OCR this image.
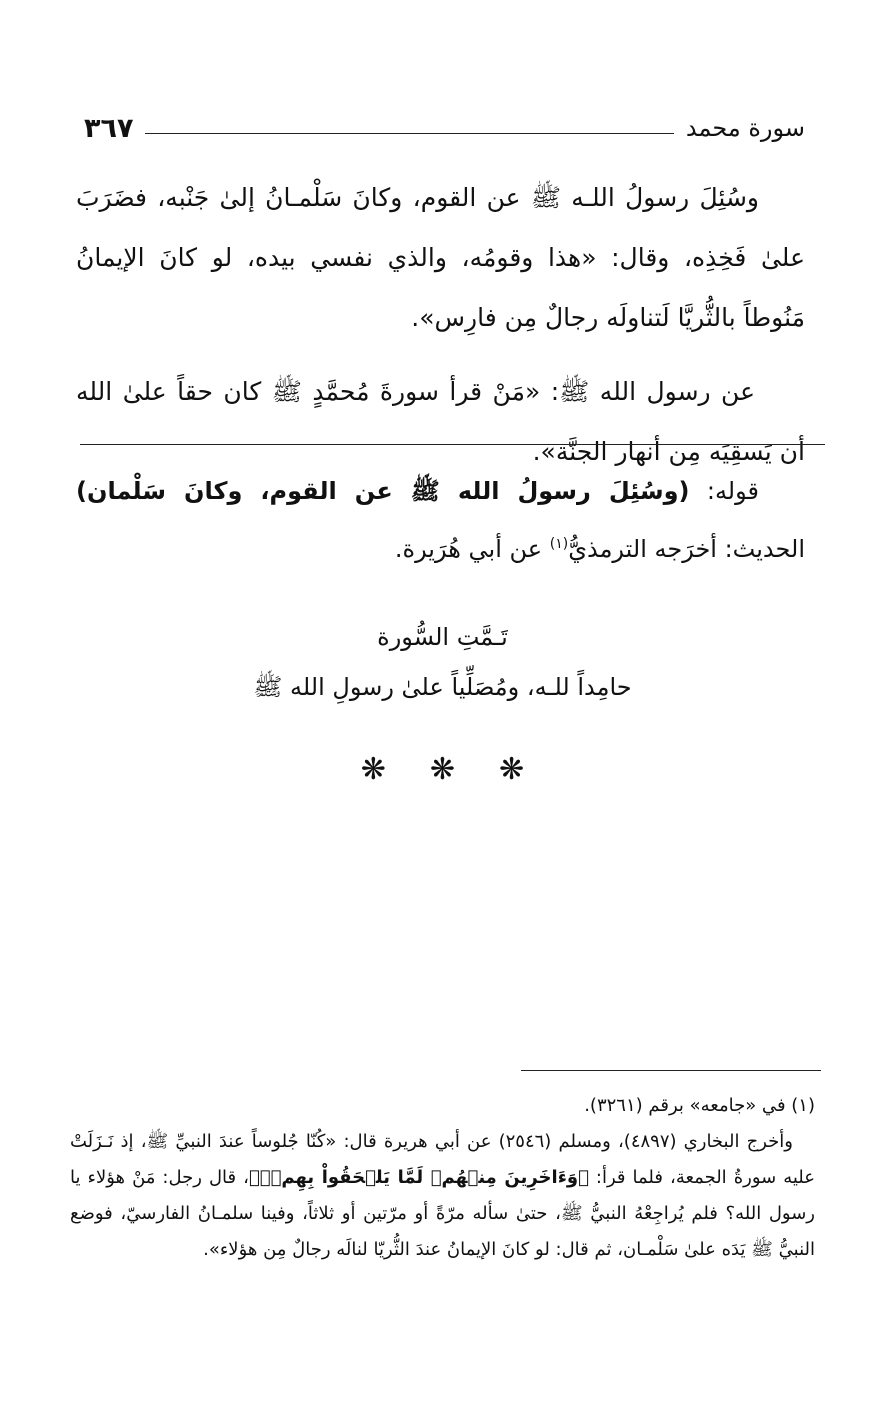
سورة محمد
٣٦٧

وسُئِلَ رسولُ اللـه ﷺ عن القوم، وكانَ سَلْمـانُ إلىٰ جَنْبه، فضَرَبَ علىٰ فَخِذِه، وقال: «هذا وقومُه، والذي نفسي بيده، لو كانَ الإيمانُ مَنُوطاً بالثُّريَّا لَتناولَه رجالٌ مِن فارِس».

عن رسول الله ﷺ: «مَنْ قرأ سورةَ مُحمَّدٍ ﷺ كان حقاً علىٰ الله أن يَسقِيَه مِن أنهار الجنَّة».

قوله: (وسُئِلَ رسولُ الله ﷺ عن القوم، وكانَ سَلْمان) الحديث: أخرَجه الترمذيُّ$^{(١)}$ عن أبي هُرَيرة.

تَـمَّتِ السُّورة
حامِداً للـه، ومُصَلِّياً علىٰ رسولِ الله ﷺ
❋❋❋

(١) في «جامعه» برقم (٣٢٦١).

وأخرج البخاري (٤٨٩٧)، ومسلم (٢٥٤٦) عن أبي هريرة قال: «كُنّا جُلوساً عندَ النبيِّ ﷺ، إذ نَـزَلَتْ عليه سورةُ الجمعة، فلما قرأ: ﴿وَءَاخَرِينَ مِنۡهُمۡ لَمَّا يَلۡحَقُواْ بِهِمۡۚ﴾، قال رجل: مَنْ هؤلاء يا رسول الله؟ فلم يُراجِعْهُ النبيُّ ﷺ، حتىٰ سأله مرّةً أو مرّتين أو ثلاثاً، وفينا سلمـانُ الفارسيّ، فوضع النبيُّ ﷺ يَدَه علىٰ سَلْمـان، ثم قال: لو كانَ الإيمانُ عندَ الثُّريّا لنالَه رجالٌ مِن هؤلاء».
